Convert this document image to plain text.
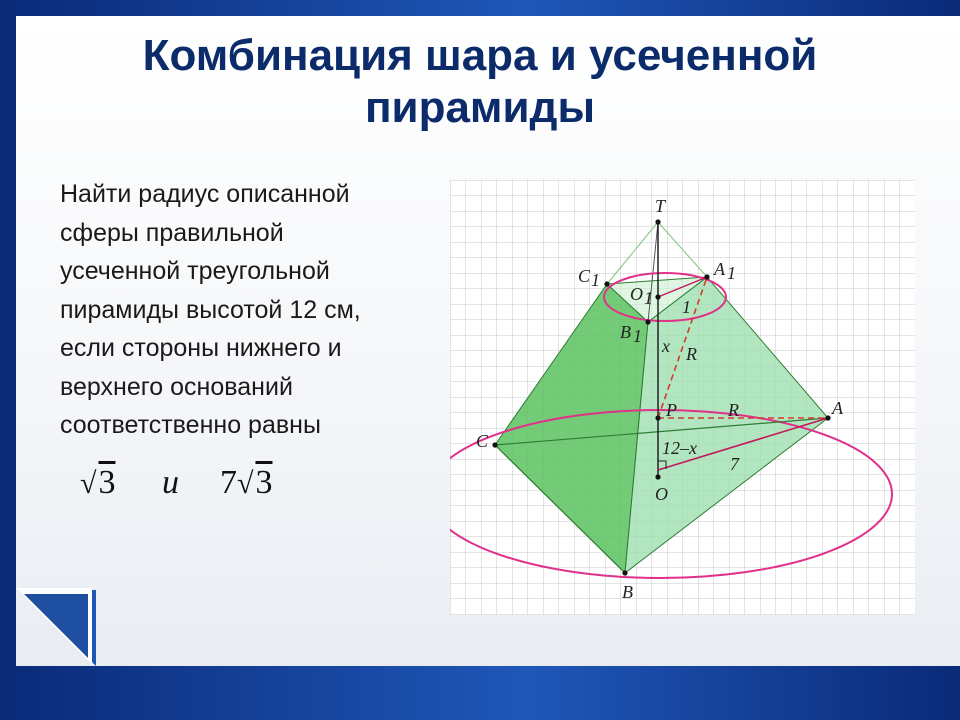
Комбинация шара и усеченной пирамиды
Найти радиус описанной
сферы правильной
усеченной треугольной
пирамиды высотой 12 см,
если стороны нижнего и
верхнего оснований
соответственно равны
√3 и 7√3
T
C 1
A 1
O 1
B 1
P	A
C
O
B
1
x R
R
12–x
7
